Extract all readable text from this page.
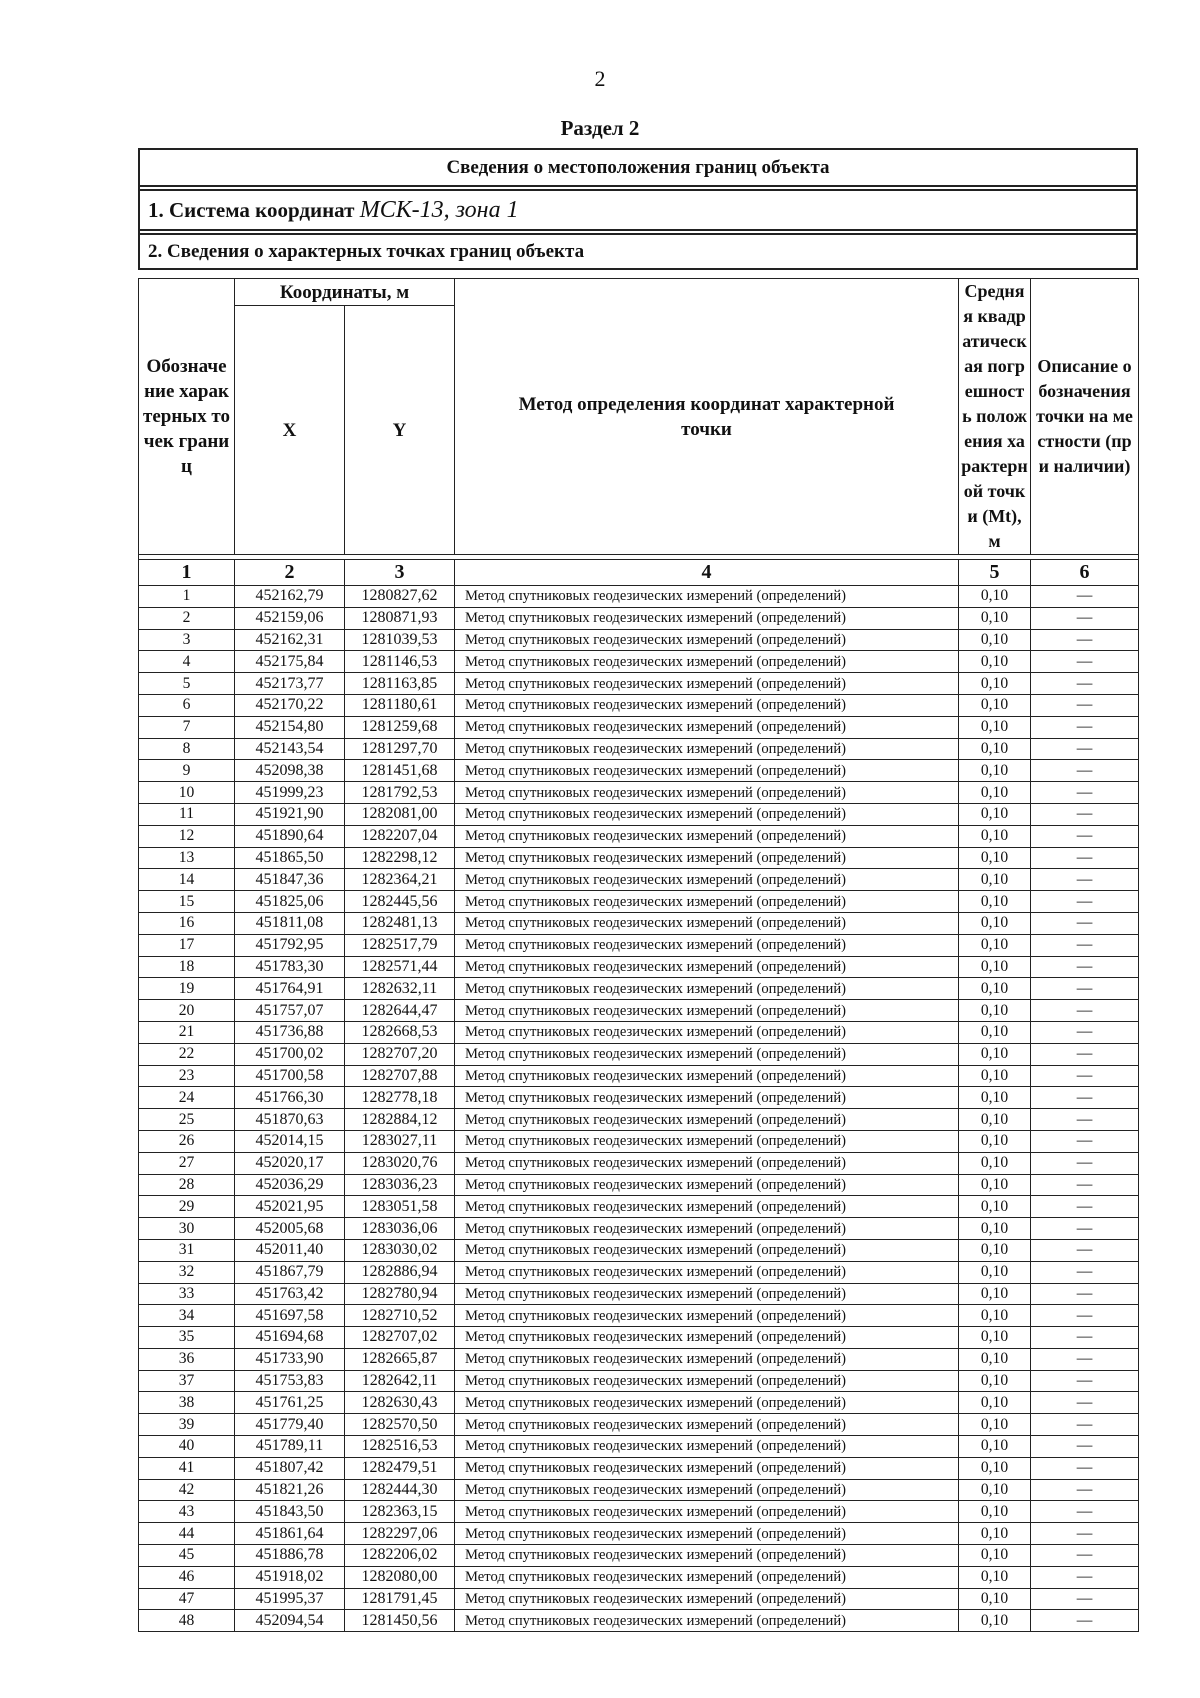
2
Раздел 2
Сведения о местоположения границ объекта

1. Система координат МСК-13, зона 1

2. Сведения о характерных точках границ объекта
Обозначение характерных точек границ	Координаты, м		Метод определения координат характерной точки	Средняя квадратическая погрешность положения характерной точки (Mt), м	Описание обозначения точки на местности (при наличии)
	X	Y			

1	2	3	4	5	6
1	452162,79	1280827,62	Метод спутниковых геодезических измерений (определений)	0,10	—
2	452159,06	1280871,93	Метод спутниковых геодезических измерений (определений)	0,10	—
3	452162,31	1281039,53	Метод спутниковых геодезических измерений (определений)	0,10	—
4	452175,84	1281146,53	Метод спутниковых геодезических измерений (определений)	0,10	—
5	452173,77	1281163,85	Метод спутниковых геодезических измерений (определений)	0,10	—
6	452170,22	1281180,61	Метод спутниковых геодезических измерений (определений)	0,10	—
7	452154,80	1281259,68	Метод спутниковых геодезических измерений (определений)	0,10	—
8	452143,54	1281297,70	Метод спутниковых геодезических измерений (определений)	0,10	—
9	452098,38	1281451,68	Метод спутниковых геодезических измерений (определений)	0,10	—
10	451999,23	1281792,53	Метод спутниковых геодезических измерений (определений)	0,10	—
11	451921,90	1282081,00	Метод спутниковых геодезических измерений (определений)	0,10	—
12	451890,64	1282207,04	Метод спутниковых геодезических измерений (определений)	0,10	—
13	451865,50	1282298,12	Метод спутниковых геодезических измерений (определений)	0,10	—
14	451847,36	1282364,21	Метод спутниковых геодезических измерений (определений)	0,10	—
15	451825,06	1282445,56	Метод спутниковых геодезических измерений (определений)	0,10	—
16	451811,08	1282481,13	Метод спутниковых геодезических измерений (определений)	0,10	—
17	451792,95	1282517,79	Метод спутниковых геодезических измерений (определений)	0,10	—
18	451783,30	1282571,44	Метод спутниковых геодезических измерений (определений)	0,10	—
19	451764,91	1282632,11	Метод спутниковых геодезических измерений (определений)	0,10	—
20	451757,07	1282644,47	Метод спутниковых геодезических измерений (определений)	0,10	—
21	451736,88	1282668,53	Метод спутниковых геодезических измерений (определений)	0,10	—
22	451700,02	1282707,20	Метод спутниковых геодезических измерений (определений)	0,10	—
23	451700,58	1282707,88	Метод спутниковых геодезических измерений (определений)	0,10	—
24	451766,30	1282778,18	Метод спутниковых геодезических измерений (определений)	0,10	—
25	451870,63	1282884,12	Метод спутниковых геодезических измерений (определений)	0,10	—
26	452014,15	1283027,11	Метод спутниковых геодезических измерений (определений)	0,10	—
27	452020,17	1283020,76	Метод спутниковых геодезических измерений (определений)	0,10	—
28	452036,29	1283036,23	Метод спутниковых геодезических измерений (определений)	0,10	—
29	452021,95	1283051,58	Метод спутниковых геодезических измерений (определений)	0,10	—
30	452005,68	1283036,06	Метод спутниковых геодезических измерений (определений)	0,10	—
31	452011,40	1283030,02	Метод спутниковых геодезических измерений (определений)	0,10	—
32	451867,79	1282886,94	Метод спутниковых геодезических измерений (определений)	0,10	—
33	451763,42	1282780,94	Метод спутниковых геодезических измерений (определений)	0,10	—
34	451697,58	1282710,52	Метод спутниковых геодезических измерений (определений)	0,10	—
35	451694,68	1282707,02	Метод спутниковых геодезических измерений (определений)	0,10	—
36	451733,90	1282665,87	Метод спутниковых геодезических измерений (определений)	0,10	—
37	451753,83	1282642,11	Метод спутниковых геодезических измерений (определений)	0,10	—
38	451761,25	1282630,43	Метод спутниковых геодезических измерений (определений)	0,10	—
39	451779,40	1282570,50	Метод спутниковых геодезических измерений (определений)	0,10	—
40	451789,11	1282516,53	Метод спутниковых геодезических измерений (определений)	0,10	—
41	451807,42	1282479,51	Метод спутниковых геодезических измерений (определений)	0,10	—
42	451821,26	1282444,30	Метод спутниковых геодезических измерений (определений)	0,10	—
43	451843,50	1282363,15	Метод спутниковых геодезических измерений (определений)	0,10	—
44	451861,64	1282297,06	Метод спутниковых геодезических измерений (определений)	0,10	—
45	451886,78	1282206,02	Метод спутниковых геодезических измерений (определений)	0,10	—
46	451918,02	1282080,00	Метод спутниковых геодезических измерений (определений)	0,10	—
47	451995,37	1281791,45	Метод спутниковых геодезических измерений (определений)	0,10	—
48	452094,54	1281450,56	Метод спутниковых геодезических измерений (определений)	0,10	—
